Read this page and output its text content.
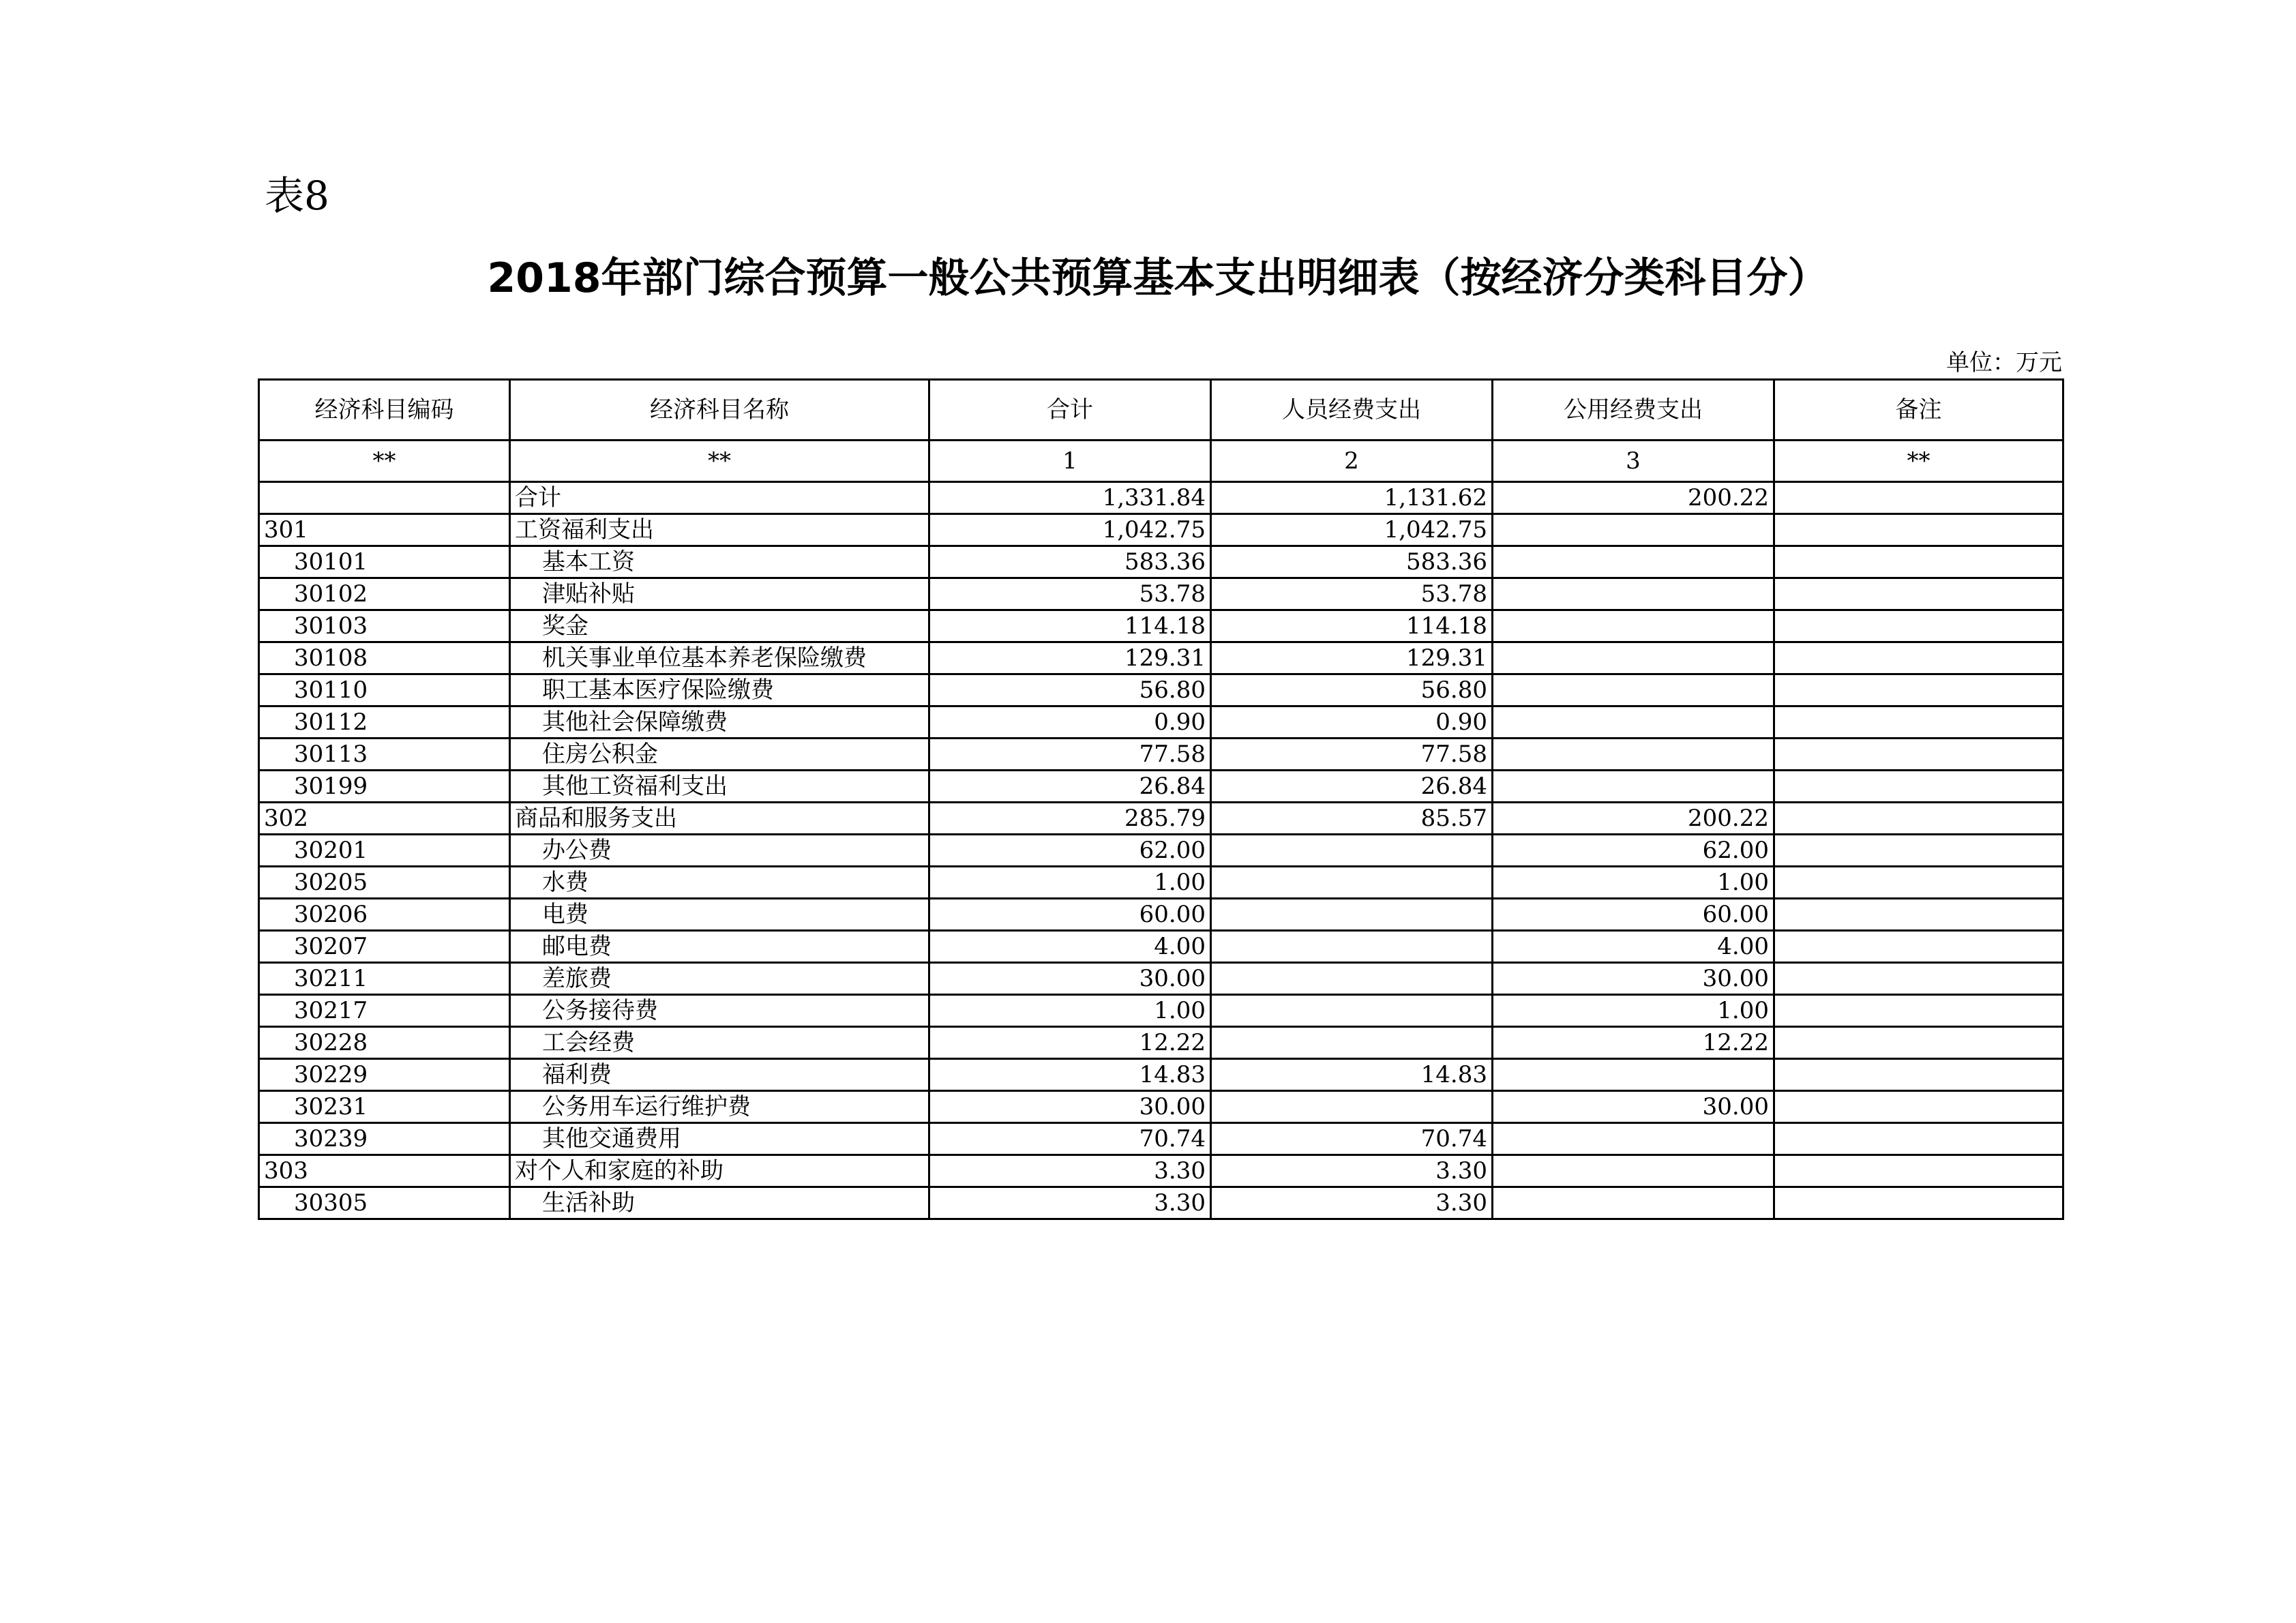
表8
2018年部门综合预算一般公共预算基本支出明细表（按经济分类科目分）
单位：万元
经济科目编码	经济科目名称	合计	人员经费支出	公用经费支出	备注
**	**	1	2	3	**
	合计	1,331.84	1,131.62	200.22	
301	工资福利支出	1,042.75	1,042.75		
30101	基本工资	583.36	583.36		
30102	津贴补贴	53.78	53.78		
30103	奖金	114.18	114.18		
30108	机关事业单位基本养老保险缴费	129.31	129.31		
30110	职工基本医疗保险缴费	56.80	56.80		
30112	其他社会保障缴费	0.90	0.90		
30113	住房公积金	77.58	77.58		
30199	其他工资福利支出	26.84	26.84		
302	商品和服务支出	285.79	85.57	200.22	
30201	办公费	62.00		62.00	
30205	水费	1.00		1.00	
30206	电费	60.00		60.00	
30207	邮电费	4.00		4.00	
30211	差旅费	30.00		30.00	
30217	公务接待费	1.00		1.00	
30228	工会经费	12.22		12.22	
30229	福利费	14.83	14.83		
30231	公务用车运行维护费	30.00		30.00	
30239	其他交通费用	70.74	70.74		
303	对个人和家庭的补助	3.30	3.30		
30305	生活补助	3.30	3.30		
